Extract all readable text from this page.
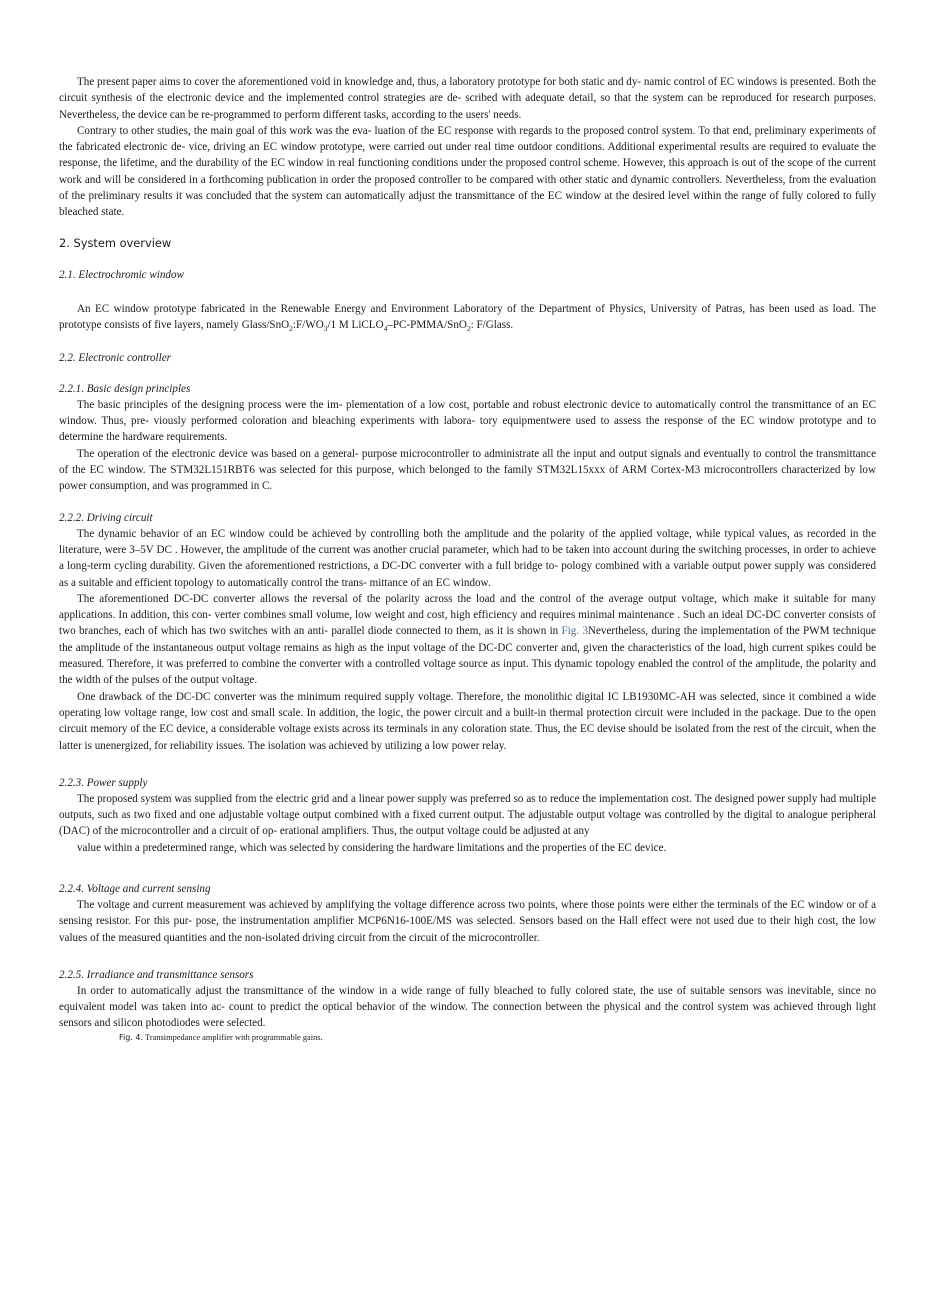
The present paper aims to cover the aforementioned void in knowledge and, thus, a laboratory prototype for both static and dy- namic control of EC windows is presented. Both the circuit synthesis of the electronic device and the implemented control strategies are de- scribed with adequate detail, so that the system can be reproduced for research purposes. Nevertheless, the device can be re-programmed to perform different tasks, according to the users' needs.

Contrary to other studies, the main goal of this work was the eva- luation of the EC response with regards to the proposed control system. To that end, preliminary experiments of the fabricated electronic de- vice, driving an EC window prototype, were carried out under real time outdoor conditions. Additional experimental results are required to evaluate the response, the lifetime, and the durability of the EC window in real functioning conditions under the proposed control scheme. However, this approach is out of the scope of the current work and will be considered in a forthcoming publication in order the proposed controller to be compared with other static and dynamic controllers. Nevertheless, from the evaluation of the preliminary results it was concluded that the system can automatically adjust the transmittance of the EC window at the desired level within the range of fully colored to fully bleached state.

2. System overview
2.1. Electrochromic window

An EC window prototype fabricated in the Renewable Energy and Environment Laboratory of the Department of Physics, University of Patras, has been used as load. The prototype consists of five layers, namely Glass/$SnO_2:F/WO_3/1$ M LiCLO$_4$–PC-PMMA/SnO$_2$: F/Glass.

2.2. Electronic controller
2.2.1. Basic design principles

The basic principles of the designing process were the im- plementation of a low cost, portable and robust electronic device to automatically control the transmittance of an EC window. Thus, pre- viously performed coloration and bleaching experiments with labora- tory equipmentwere used to assess the response of the EC window prototype and to determine the hardware requirements.

The operation of the electronic device was based on a general- purpose microcontroller to administrate all the input and output signals and eventually to control the transmittance of the EC window. The STM32L151RBT6 was selected for this purpose, which belonged to the family STM32L15xxx of ARM Cortex-M3 microcontrollers characterized by low power consumption, and was programmed in C.

2.2.2. Driving circuit

The dynamic behavior of an EC window could be achieved by controlling both the amplitude and the polarity of the applied voltage, while typical values, as recorded in the literature, were 3–5V DC . However, the amplitude of the current was another crucial parameter, which had to be taken into account during the switching processes, in order to achieve a long-term cycling durability. Given the aforementioned restrictions, a DC-DC converter with a full bridge to- pology combined with a variable output power supply was considered as a suitable and efficient topology to automatically control the trans- mittance of an EC window.

The aforementioned DC-DC converter allows the reversal of the polarity across the load and the control of the average output voltage, which make it suitable for many applications. In addition, this con- verter combines small volume, low weight and cost, high efficiency and requires minimal maintenance . Such an ideal DC-DC converter consists of two branches, each of which has two switches with an anti- parallel diode connected to them, as it is shown in Fig. 3Nevertheless, during the implementation of the PWM technique the amplitude of the instantaneous output voltage remains as high as the input voltage of the DC-DC converter and, given the characteristics of the load, high current spikes could be measured. Therefore, it was preferred to combine the converter with a controlled voltage source as input. This dynamic topology enabled the control of the amplitude, the polarity and the width of the pulses of the output voltage.

One drawback of the DC-DC converter was the minimum required supply voltage. Therefore, the monolithic digital IC LB1930MC-AH was selected, since it combined a wide operating low voltage range, low cost and small scale. In addition, the logic, the power circuit and a built-in thermal protection circuit were included in the package. Due to the open circuit memory of the EC device, a considerable voltage exists across its terminals in any coloration state. Thus, the EC devise should be isolated from the rest of the circuit, when the latter is unenergized, for reliability issues. The isolation was achieved by utilizing a low power relay.

2.2.3. Power supply

The proposed system was supplied from the electric grid and a linear power supply was preferred so as to reduce the implementation cost. The designed power supply had multiple outputs, such as two fixed and one adjustable voltage output combined with a fixed current output. The adjustable output voltage was controlled by the digital to analogue peripheral (DAC) of the microcontroller and a circuit of op- erational amplifiers. Thus, the output voltage could be adjusted at any

value within a predetermined range, which was selected by considering the hardware limitations and the properties of the EC device.

2.2.4. Voltage and current sensing

The voltage and current measurement was achieved by amplifying the voltage difference across two points, where those points were either the terminals of the EC window or of a sensing resistor. For this pur- pose, the instrumentation amplifier MCP6N16-100E/MS was selected. Sensors based on the Hall effect were not used due to their high cost, the low values of the measured quantities and the non-isolated driving circuit from the circuit of the microcontroller.

2.2.5. Irradiance and transmittance sensors

In order to automatically adjust the transmittance of the window in a wide range of fully bleached to fully colored state, the use of suitable sensors was inevitable, since no equivalent model was taken into ac- count to predict the optical behavior of the window. The connection between the physical and the control system was achieved through light sensors and silicon photodiodes were selected.

Fig. 4. Transimpedance amplifier with programmable gains.
